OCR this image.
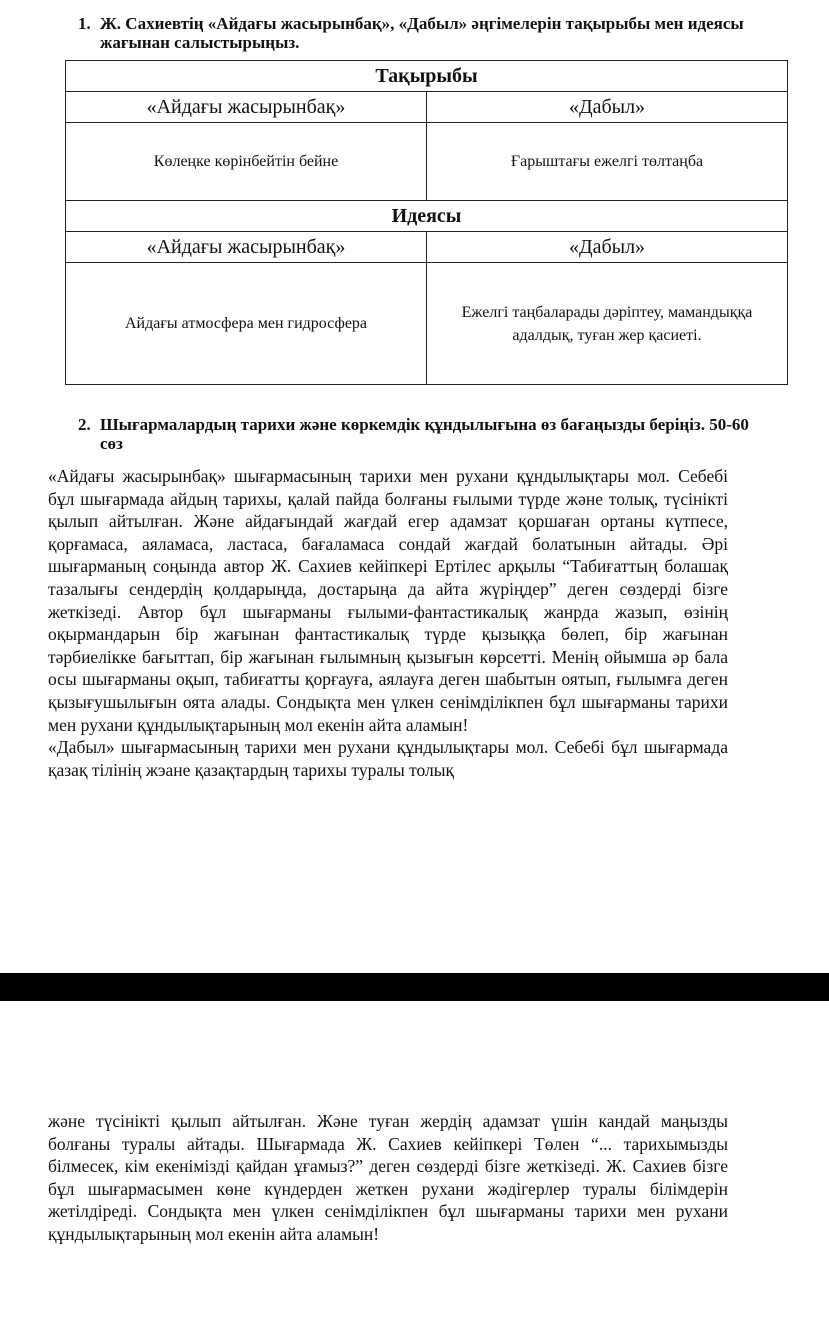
1. Ж. Сахиевтің «Айдағы жасырынбақ», «Дабыл» әңгімелерін тақырыбы мен идеясы жағынан салыстырыңыз.
Тақырыбы	
«Айдағы жасырынбақ»	«Дабыл»
Көлеңке көрінбейтін бейне	Ғарыштағы ежелгі төлтаңба
Идеясы	
«Айдағы жасырынбақ»	«Дабыл»
Айдағы атмосфера мен гидросфера	Ежелгі таңбаларады дәріптеу, мамандыққа адалдық, туған жер қасиеті.
2. Шығармалардың тарихи және көркемдік құндылығына өз бағаңызды беріңіз. 50-60 сөз

«Айдағы жасырынбақ» шығармасының тарихи мен рухани құндылықтары мол. Себебі бұл шығармада айдың тарихы, қалай пайда болғаны ғылыми түрде және толық, түсінікті қылып айтылған. Және айдағындай жағдай егер адамзат қоршаған ортаны күтпесе, қорғамаса, аяламаса, ластаса, бағаламаса сондай жағдай болатынын айтады. Әрі шығарманың соңында автор Ж. Сахиев кейіпкері Ертілес арқылы “Табиғаттың болашақ тазалығы сендердің қолдарыңда, достарыңа да айта жүріңдер” деген сөздерді бізге жеткізеді. Автор бұл шығарманы ғылыми-фантастикалық жанрда жазып, өзінің оқырмандарын бір жағынан фантастикалық түрде қызыққа бөлеп, бір жағынан тәрбиелікке бағыттап, бір жағынан ғылымның қызығын көрсетті. Менің ойымша әр бала осы шығарманы оқып, табиғатты қорғауға, аялауға деген шабытын оятып, ғылымға деген қызығушылығын оята алады. Сондықта мен үлкен сенімділікпен бұл шығарманы тарихи мен рухани құндылықтарының мол екенін айта аламын!

«Дабыл» шығармасының тарихи мен рухани құндылықтары мол. Себебі бұл шығармада қазақ тілінің жэане қазақтардың тарихы туралы толық

және түсінікті қылып айтылған. Және туған жердің адамзат үшін кандай маңызды болғаны туралы айтады. Шығармада Ж. Сахиев кейіпкері Төлен “... тарихымызды білмесек, кім екенімізді қайдан ұғамыз?” деген сөздерді бізге жеткізеді. Ж. Сахиев бізге бұл шығармасымен көне күндерден жеткен рухани жәдігерлер туралы білімдерін жетілдіреді. Сондықта мен үлкен сенімділікпен бұл шығарманы тарихи мен рухани құндылықтарының мол екенін айта аламын!
